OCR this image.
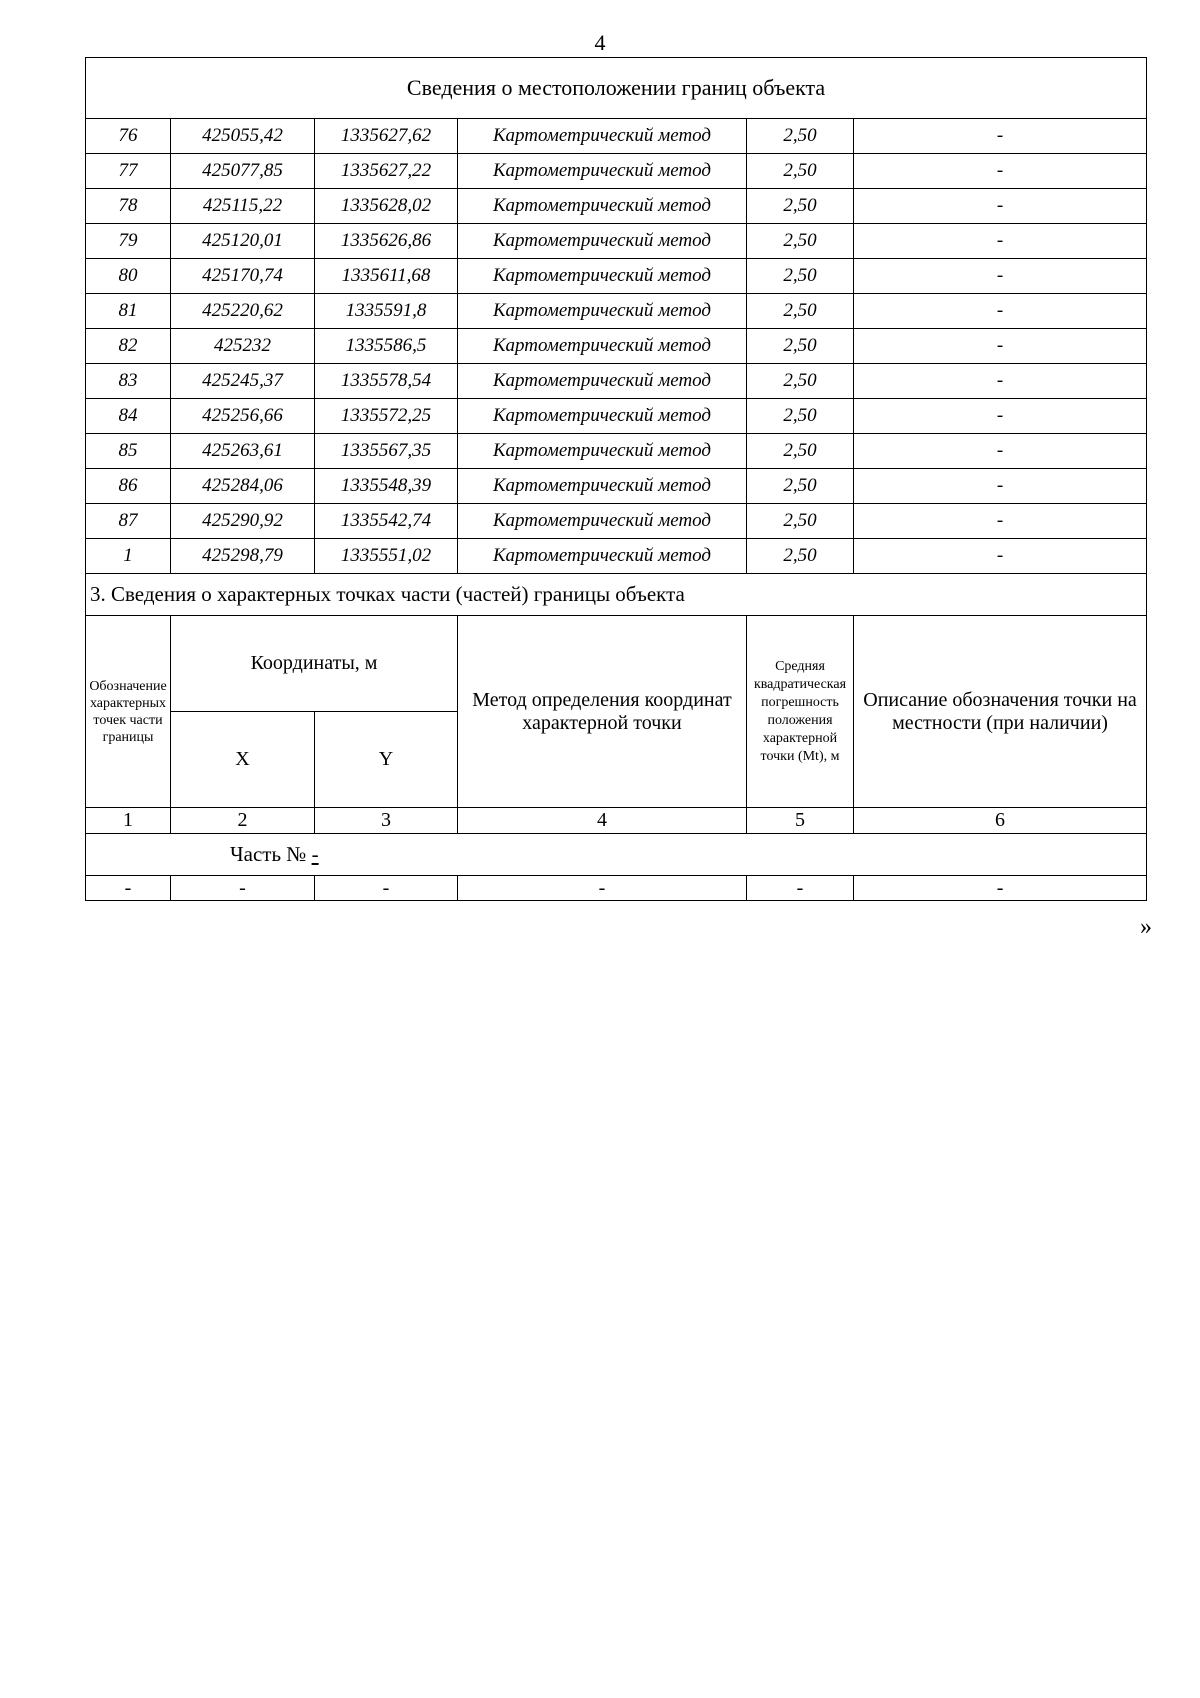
4
Сведения о местоположении границ объекта					
76	425055,42	1335627,62	Картометрический метод	2,50	-
77	425077,85	1335627,22	Картометрический метод	2,50	-
78	425115,22	1335628,02	Картометрический метод	2,50	-
79	425120,01	1335626,86	Картометрический метод	2,50	-
80	425170,74	1335611,68	Картометрический метод	2,50	-
81	425220,62	1335591,8	Картометрический метод	2,50	-
82	425232	1335586,5	Картометрический метод	2,50	-
83	425245,37	1335578,54	Картометрический метод	2,50	-
84	425256,66	1335572,25	Картометрический метод	2,50	-
85	425263,61	1335567,35	Картометрический метод	2,50	-
86	425284,06	1335548,39	Картометрический метод	2,50	-
87	425290,92	1335542,74	Картометрический метод	2,50	-
1	425298,79	1335551,02	Картометрический метод	2,50	-
3. Сведения о характерных точках части (частей) границы объекта					
Обозначение характерных точек части границы	Координаты, м		Метод определения координат характерной точки	Средняя квадратическая погрешность положения характерной точки (Mt), м	Описание обозначения точки на местности (при наличии)
	X	Y			
1	2	3	4	5	6
Часть № -					
-	-	-	-	-	-
»
